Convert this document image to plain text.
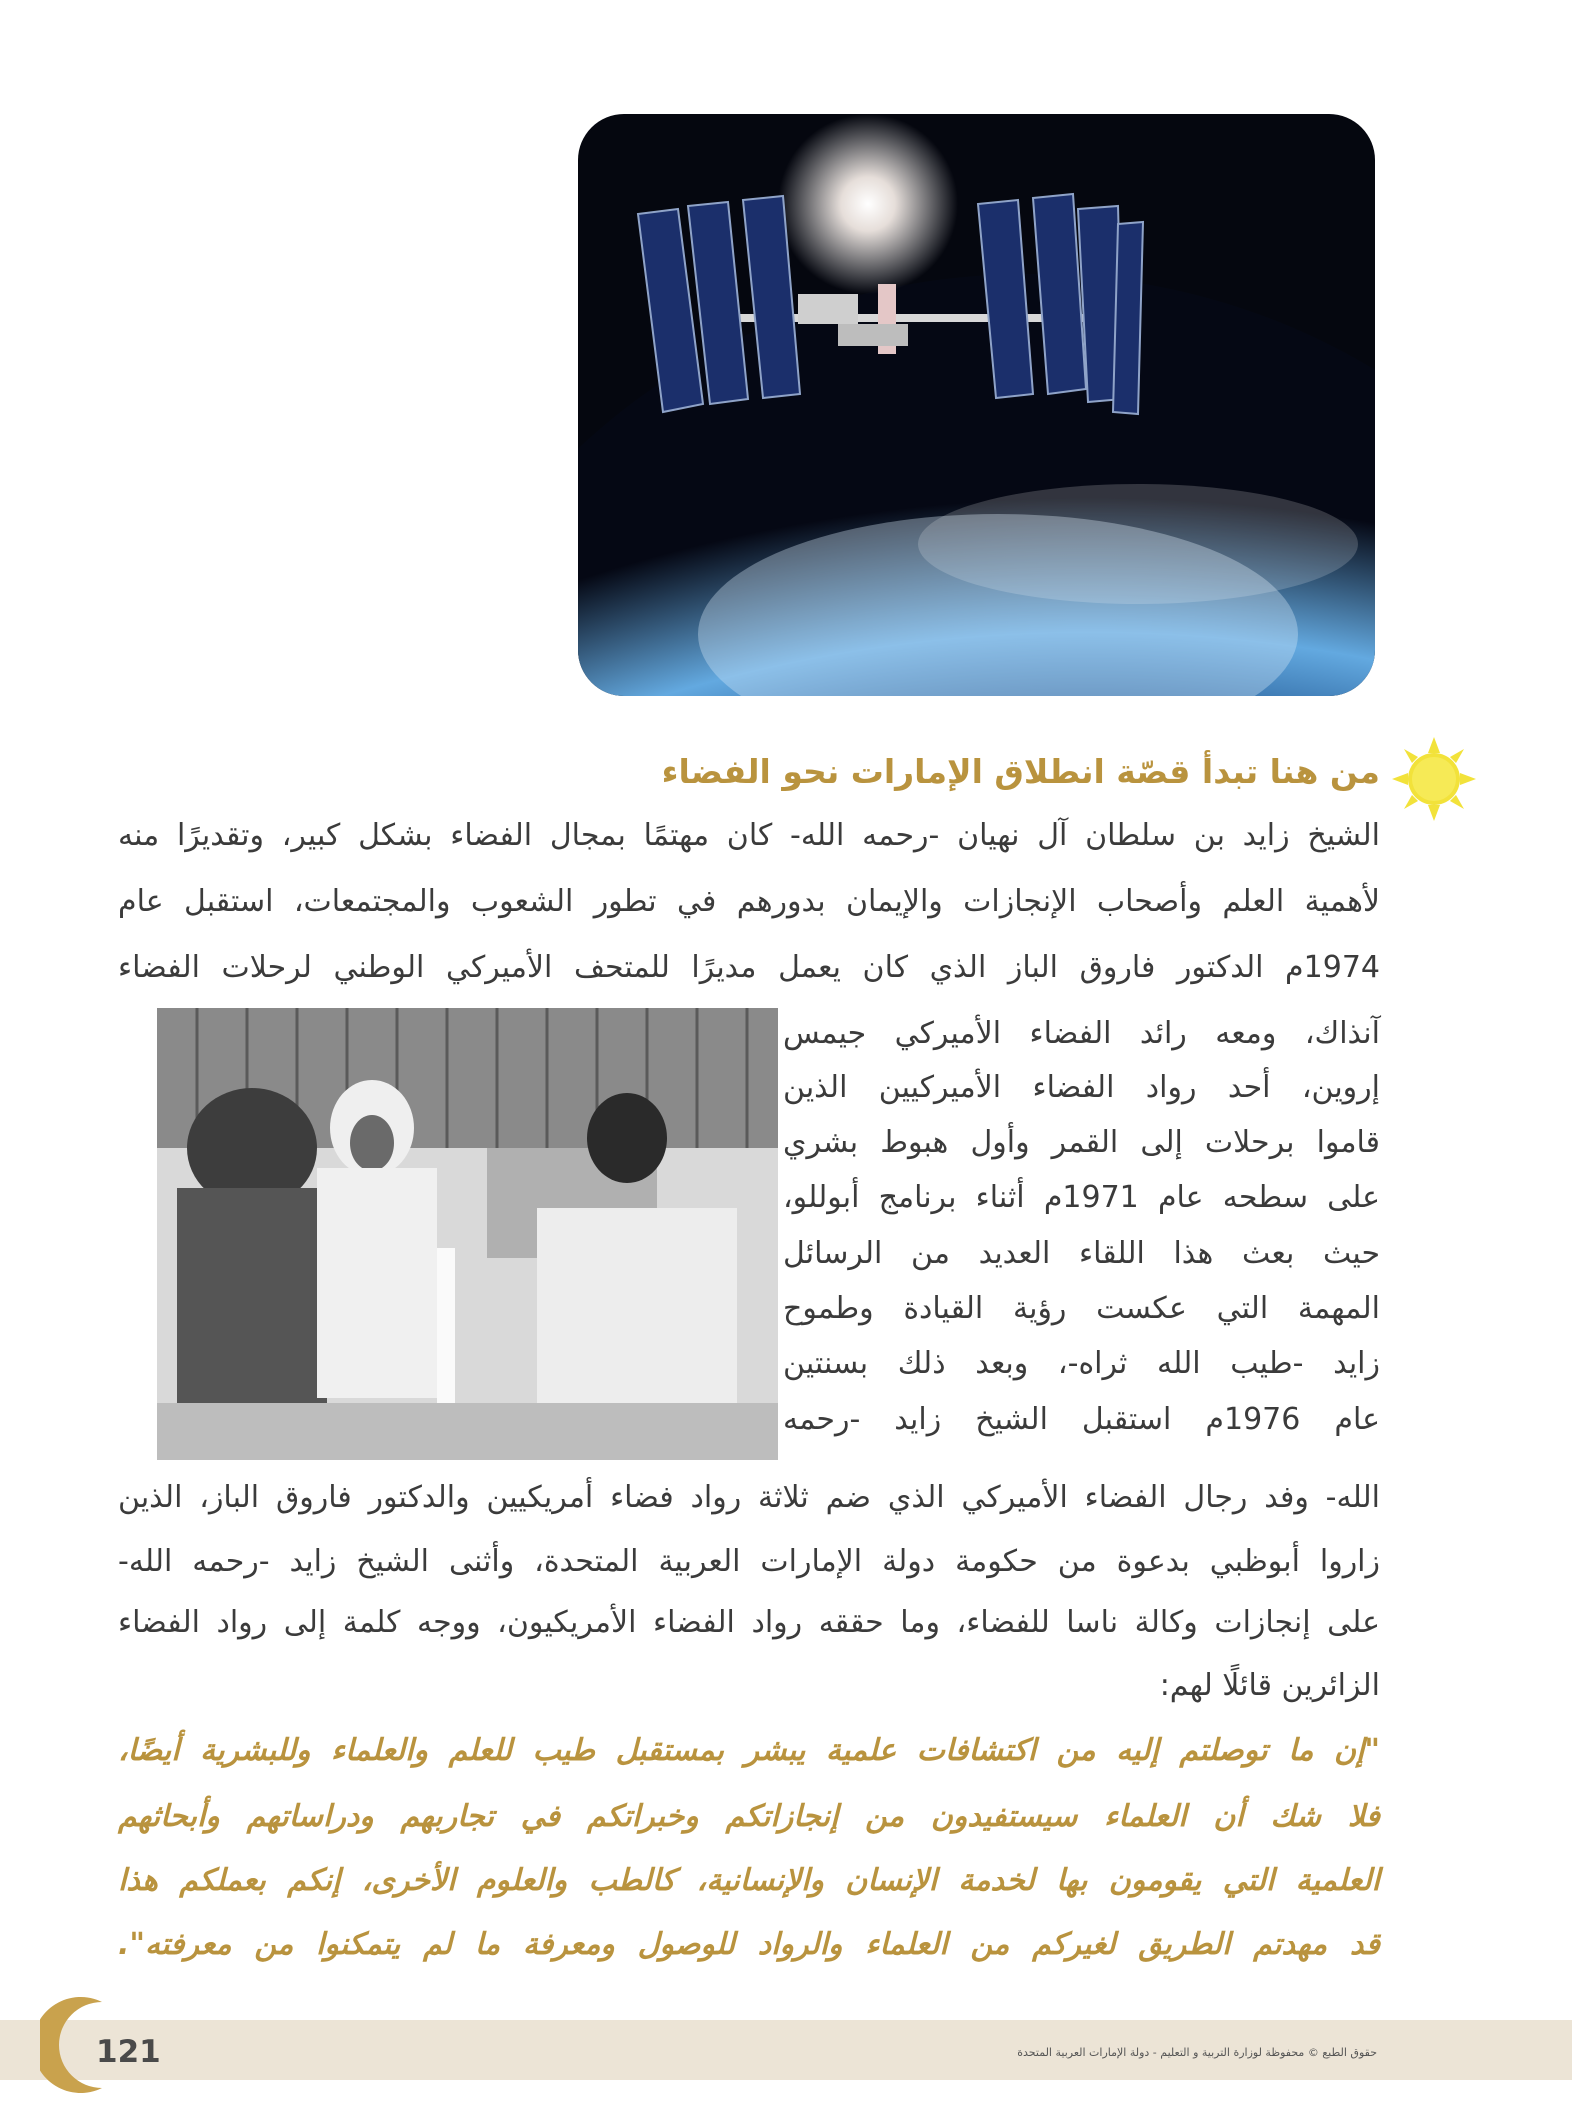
من هنا تبدأ قصّة انطلاق الإمارات نحو الفضاء
الشيخ زايد بن سلطان آل نهيان -رحمه الله- كان مهتمًا بمجال الفضاء بشكل كبير، وتقديرًا منه
لأهمية العلم وأصحاب الإنجازات والإيمان بدورهم في تطور الشعوب والمجتمعات، استقبل عام
1974م الدكتور فاروق الباز الذي كان يعمل مديرًا للمتحف الأميركي الوطني لرحلات الفضاء
آنذاك، ومعه رائد الفضاء الأميركي جيمس
إروين، أحد رواد الفضاء الأميركيين الذين
قاموا برحلات إلى القمر وأول هبوط بشري
على سطحه عام 1971م أثناء برنامج أبوللو،
حيث بعث هذا اللقاء العديد من الرسائل
المهمة التي عكست رؤية القيادة وطموح
زايد -طيب الله ثراه-، وبعد ذلك بسنتين
عام 1976م استقبل الشيخ زايد -رحمه
الله- وفد رجال الفضاء الأميركي الذي ضم ثلاثة رواد فضاء أمريكيين والدكتور فاروق الباز، الذين
زاروا أبوظبي بدعوة من حكومة دولة الإمارات العربية المتحدة، وأثنى الشيخ زايد -رحمه الله-
على إنجازات وكالة ناسا للفضاء، وما حققه رواد الفضاء الأمريكيون، ووجه كلمة إلى رواد الفضاء
الزائرين قائلًا لهم:
"إن ما توصلتم إليه من اكتشافات علمية يبشر بمستقبل طيب للعلم والعلماء وللبشرية أيضًا،
فلا شك أن العلماء سيستفيدون من إنجازاتكم وخبراتكم في تجاربهم ودراساتهم وأبحاثهم
العلمية التي يقومون بها لخدمة الإنسان والإنسانية، كالطب والعلوم الأخرى، إنكم بعملكم هذا
قد مهدتم الطريق لغيركم من العلماء والرواد للوصول ومعرفة ما لم يتمكنوا من معرفته".
121	حقوق الطبع © محفوظة لوزارة التربية و التعليم - دولة الإمارات العربية المتحدة
